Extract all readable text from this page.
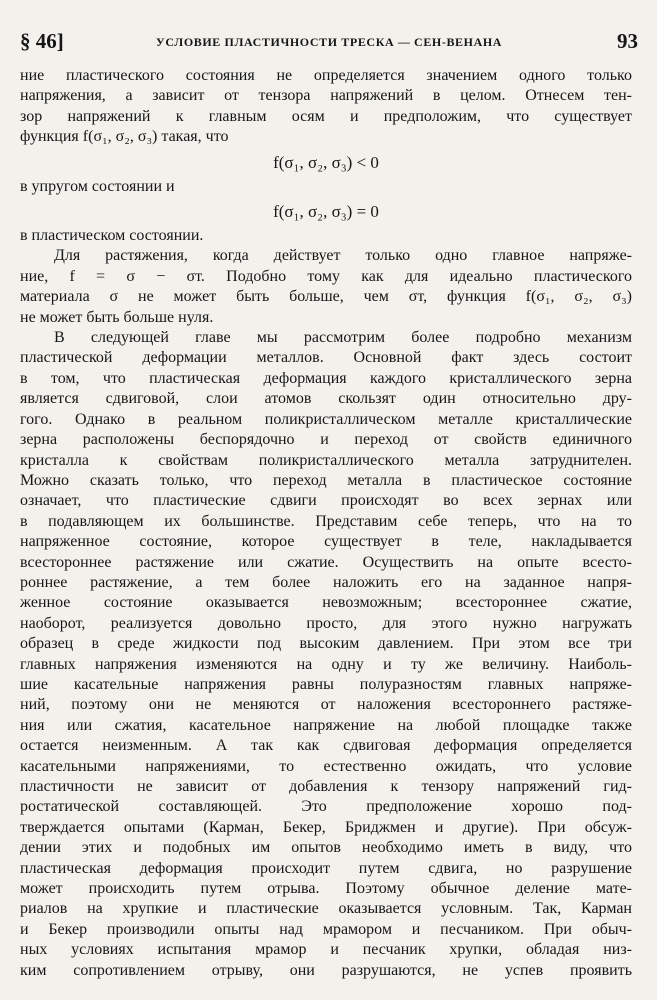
§ 46]	УСЛОВИЕ ПЛАСТИЧНОСТИ ТРЕСКА — СЕН-ВЕНАНА	93

ние пластического состояния не определяется значением одного только

напряжения, а зависит от тензора напряжений в целом. Отнесем тен-

зор напряжений к главным осям и предположим, что существует

функция f(σ₁, σ₂, σ₃) такая, что

f(σ₁, σ₂, σ₃) < 0

в упругом состоянии и

f(σ₁, σ₂, σ₃) = 0

в пластическом состоянии.

Для растяжения, когда действует только одно главное напряже-

ние, f = σ − σт. Подобно тому как для идеально пластического

материала σ не может быть больше, чем σт, функция f(σ₁, σ₂, σ₃)

не может быть больше нуля.

В следующей главе мы рассмотрим более подробно механизм

пластической деформации металлов. Основной факт здесь состоит

в том, что пластическая деформация каждого кристаллического зерна

является сдвиговой, слои атомов скользят один относительно дру-

гого. Однако в реальном поликристаллическом металле кристаллические

зерна расположены беспорядочно и переход от свойств единичного

кристалла к свойствам поликристаллического металла затруднителен.

Можно сказать только, что переход металла в пластическое состояние

означает, что пластические сдвиги происходят во всех зернах или

в подавляющем их большинстве. Представим себе теперь, что на то

напряженное состояние, которое существует в теле, накладывается

всестороннее растяжение или сжатие. Осуществить на опыте всесто-

роннее растяжение, а тем более наложить его на заданное напря-

женное состояние оказывается невозможным; всестороннее сжатие,

наоборот, реализуется довольно просто, для этого нужно нагружать

образец в среде жидкости под высоким давлением. При этом все три

главных напряжения изменяются на одну и ту же величину. Наиболь-

шие касательные напряжения равны полуразностям главных напряже-

ний, поэтому они не меняются от наложения всестороннего растяже-

ния или сжатия, касательное напряжение на любой площадке также

остается неизменным. А так как сдвиговая деформация определяется

касательными напряжениями, то естественно ожидать, что условие

пластичности не зависит от добавления к тензору напряжений гид-

ростатической составляющей. Это предположение хорошо под-

тверждается опытами (Карман, Бекер, Бриджмен и другие). При обсуж-

дении этих и подобных им опытов необходимо иметь в виду, что

пластическая деформация происходит путем сдвига, но разрушение

может происходить путем отрыва. Поэтому обычное деление мате-

риалов на хрупкие и пластические оказывается условным. Так, Карман

и Бекер производили опыты над мрамором и песчаником. При обыч-

ных условиях испытания мрамор и песчаник хрупки, обладая низ-

ким сопротивлением отрыву, они разрушаются, не успев проявить
